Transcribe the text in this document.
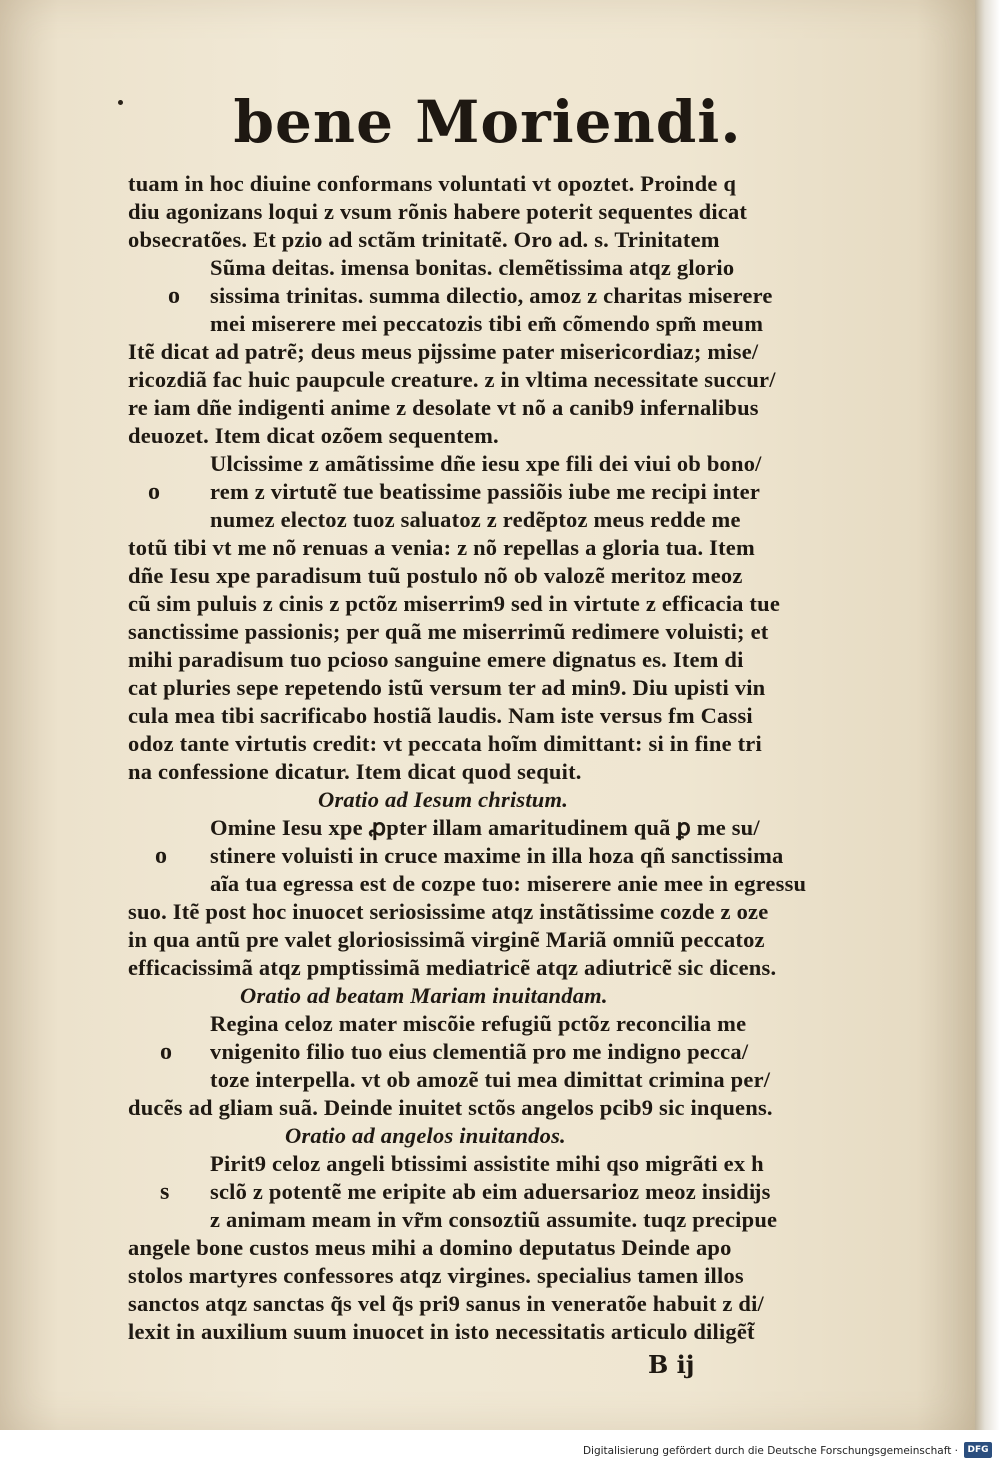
bene Moriendi.
tuam in hoc diuine conformans voluntati vt opoztet. Proinde q
diu agonizans loqui z vsum rõnis habere poterit sequentes dicat
obsecratões. Et pzio ad sctãm trinitatẽ. Oro ad. s. Trinitatem
Sũma deitas. imensa bonitas. clemẽtissima atqz glorio
o sissima trinitas. summa dilectio, amoz z charitas miserere
mei miserere mei peccatozis tibi em̃ cõmendo spm̃ meum
Itẽ dicat ad patrẽ; deus meus pĳssime pater misericordiaz; mise/
ricozdiã fac huic paupcule creature. z in vltima necessitate succur/
re iam dñe indigenti anime z desolate vt nõ a canib9 infernalibus
deuozet. Item dicat ozõem sequentem.
Ulcissime z amãtissime dñe iesu xpe fili dei viui ob bono/
o rem z virtutẽ tue beatissime passiõis iube me recipi inter
numez electoz tuoz saluatoz z redẽptoz meus redde me
totũ tibi vt me nõ renuas a venia: z nõ repellas a gloria tua. Item
dñe Iesu xpe paradisum tuũ postulo nõ ob valozẽ meritoz meoz
cũ sim puluis z cinis z pctõz miserrim9 sed in virtute z efficacia tue
sanctissime passionis; per quã me miserrimũ redimere voluisti; et
mihi paradisum tuo pcioso sanguine emere dignatus es. Item di
cat pluries sepe repetendo istũ versum ter ad min9. Diu upisti vin
cula mea tibi sacrificabo hostiã laudis. Nam iste versus fm Cassi
odoz tante virtutis credit: vt peccata hoĩm dimittant: si in fine tri
na confessione dicatur. Item dicat quod sequit.
Oratio ad Iesum christum.
Omine Iesu xpe ꝓpter illam amaritudinem quã ꝑ me su/
o stinere voluisti in cruce maxime in illa hoza qñ sanctissima
aĩa tua egressa est de cozpe tuo: miserere anie mee in egressu
suo. Itẽ post hoc inuocet seriosissime atqz instãtissime cozde z oze
in qua antũ pre valet gloriosissimã virginẽ Mariã omniũ peccatoz
efficacissimã atqz pmptissimã mediatricẽ atqz adiutricẽ sic dicens.
Oratio ad beatam Mariam inuitandam.
Regina celoz mater miscõie refugiũ pctõz reconcilia me
o vnigenito filio tuo eius clementiã pro me indigno pecca/
toze interpella. vt ob amozẽ tui mea dimittat crimina per/
ducẽs ad gliam suã. Deinde inuitet sctõs angelos pcib9 sic inquens.
Oratio ad angelos inuitandos.
Pirit9 celoz angeli btissimi assistite mihi qso migrãti ex h
s sclõ z potentẽ me eripite ab eim aduersarioz meoz insidĳs
z animam meam in vr̃m consoztiũ assumite. tuqz precipue
angele bone custos meus mihi a domino deputatus Deinde apo
stolos martyres confessores atqz virgines. specialius tamen illos
sanctos atqz sanctas q̃s vel q̃s pri9 sanus in veneratõe habuit z di/
lexit in auxilium suum inuocet in isto necessitatis articulo diligẽt̃
B ij
Digitalisierung gefördert durch die Deutsche Forschungsgemeinschaft ·	DFG
